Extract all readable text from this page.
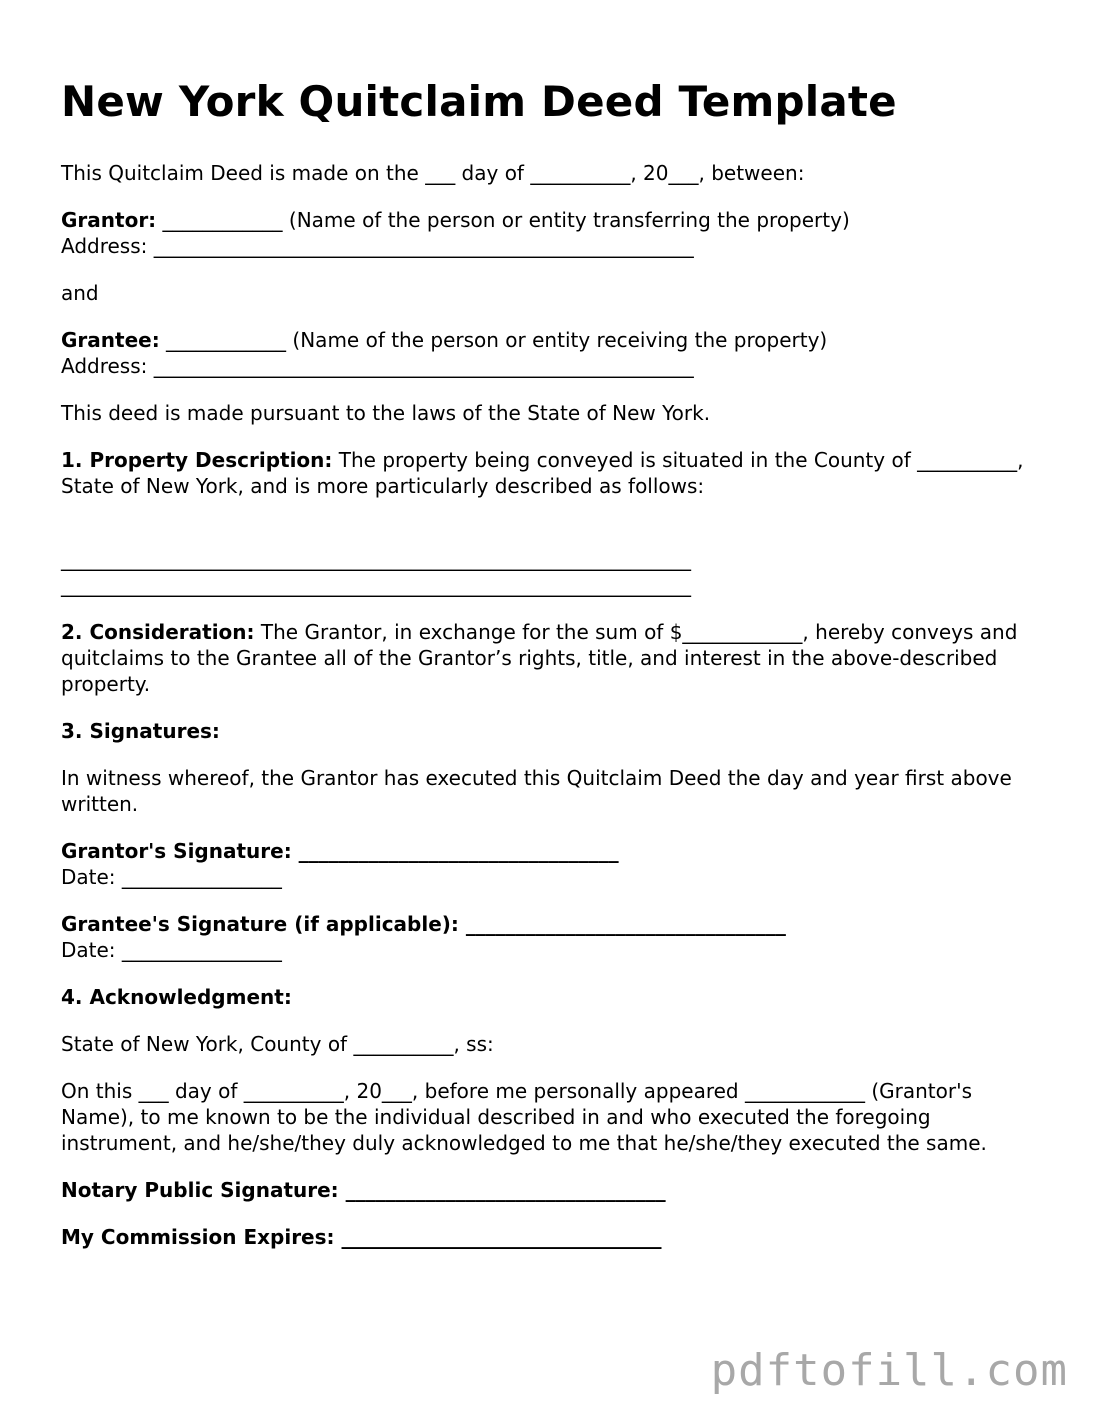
New York Quitclaim Deed Template

This Quitclaim Deed is made on the ___ day of __________, 20___, between:

Grantor: ____________ (Name of the person or entity transferring the property)
Address: ______________________________________________________

and

Grantee: ____________ (Name of the person or entity receiving the property)
Address: ______________________________________________________

This deed is made pursuant to the laws of the State of New York.

1. Property Description: The property being conveyed is situated in the County of __________, State of New York, and is more particularly described as follows:

_______________________________________________________________
_______________________________________________________________

2. Consideration: The Grantor, in exchange for the sum of $____________, hereby conveys and quitclaims to the Grantee all of the Grantor’s rights, title, and interest in the above-described property.

3. Signatures:

In witness whereof, the Grantor has executed this Quitclaim Deed the day and year first above written.

Grantor's Signature: ________________________________
Date: ________________

Grantee's Signature (if applicable): ________________________________
Date: ________________

4. Acknowledgment:

State of New York, County of __________, ss:

On this ___ day of __________, 20___, before me personally appeared ____________ (Grantor's Name), to me known to be the individual described in and who executed the foregoing instrument, and he/she/they duly acknowledged to me that he/she/they executed the same.

Notary Public Signature: ________________________________

My Commission Expires: ________________________________

pdftofill.com
